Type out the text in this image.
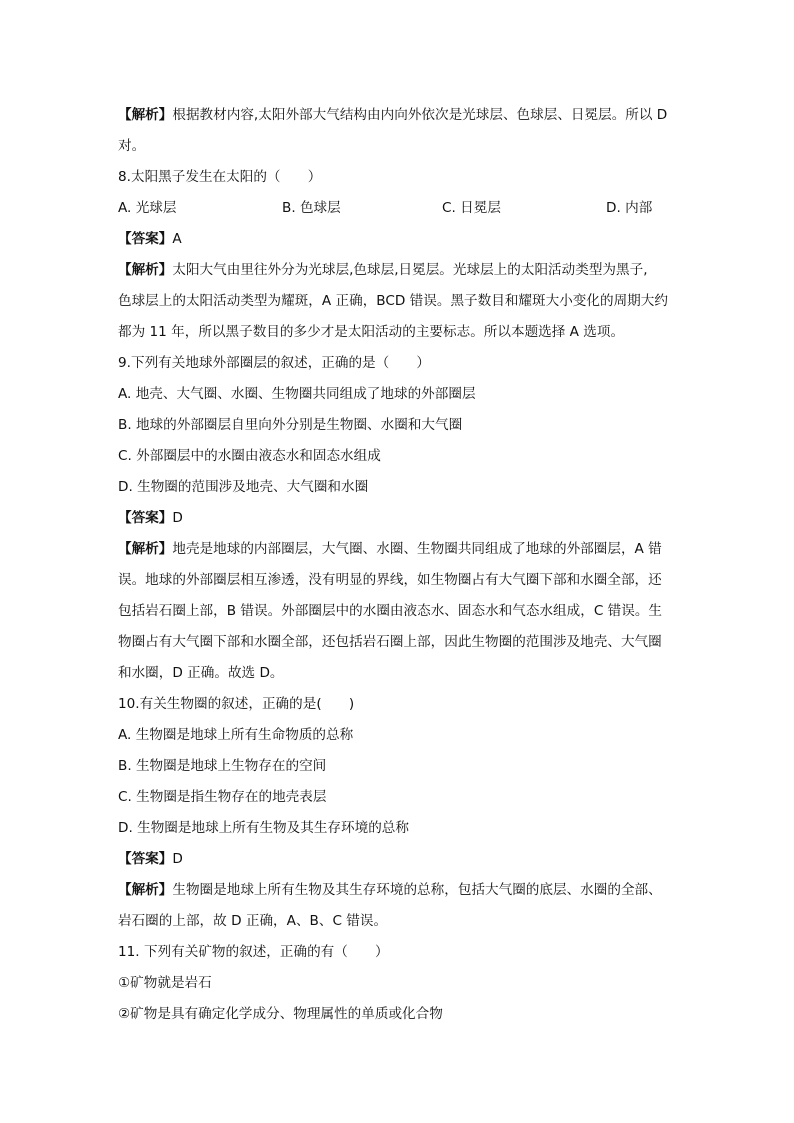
【解析】根据教材内容,太阳外部大气结构由内向外依次是光球层、色球层、日冕层。所以 D
对。
8.太阳黑子发生在太阳的（　　）
A. 光球层	B. 色球层	C. 日冕层	D. 内部
【答案】A
【解析】太阳大气由里往外分为光球层,色球层,日冕层。光球层上的太阳活动类型为黑子,
色球层上的太阳活动类型为耀斑，A 正确，BCD 错误。黑子数目和耀斑大小变化的周期大约
都为 11 年，所以黑子数目的多少才是太阳活动的主要标志。所以本题选择 A 选项。
9.下列有关地球外部圈层的叙述，正确的是（　　）
A. 地壳、大气圈、水圈、生物圈共同组成了地球的外部圈层
B. 地球的外部圈层自里向外分别是生物圈、水圈和大气圈
C. 外部圈层中的水圈由液态水和固态水组成
D. 生物圈的范围涉及地壳、大气圈和水圈
【答案】D
【解析】地壳是地球的内部圈层，大气圈、水圈、生物圈共同组成了地球的外部圈层，A 错
误。地球的外部圈层相互渗透，没有明显的界线，如生物圈占有大气圈下部和水圈全部，还
包括岩石圈上部，B 错误。外部圈层中的水圈由液态水、固态水和气态水组成，C 错误。生
物圈占有大气圈下部和水圈全部，还包括岩石圈上部，因此生物圈的范围涉及地壳、大气圈
和水圈，D 正确。故选 D。
10.有关生物圈的叙述，正确的是(　　)
A. 生物圈是地球上所有生命物质的总称
B. 生物圈是地球上生物存在的空间
C. 生物圈是指生物存在的地壳表层
D. 生物圈是地球上所有生物及其生存环境的总称
【答案】D
【解析】生物圈是地球上所有生物及其生存环境的总称，包括大气圈的底层、水圈的全部、
岩石圈的上部，故 D 正确，A、B、C 错误。
11. 下列有关矿物的叙述，正确的有（　　）
①矿物就是岩石
②矿物是具有确定化学成分、物理属性的单质或化合物
